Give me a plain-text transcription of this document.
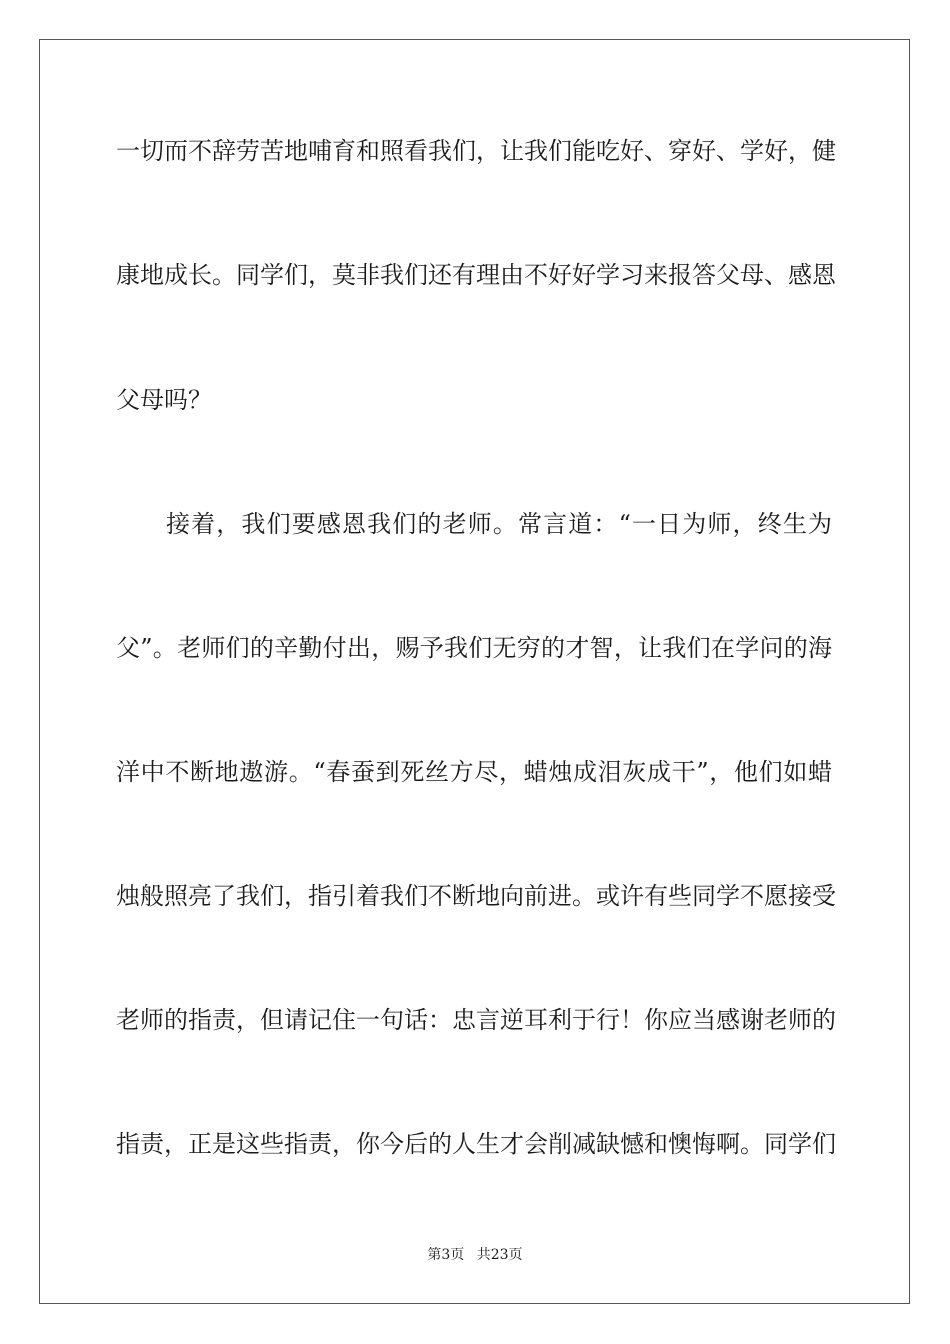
一切而不辞劳苦地哺育和照看我们，让我们能吃好、穿好、学好，健
康地成长。同学们，莫非我们还有理由不好好学习来报答父母、感恩
父母吗？
接着，我们要感恩我们的老师。常言道：“一日为师，终生为
父”。老师们的辛勤付出，赐予我们无穷的才智，让我们在学问的海
洋中不断地遨游。“春蚕到死丝方尽，蜡烛成泪灰成干”，他们如蜡
烛般照亮了我们，指引着我们不断地向前进。或许有些同学不愿接受
老师的指责，但请记住一句话：忠言逆耳利于行！你应当感谢老师的
指责，正是这些指责，你今后的人生才会削减缺憾和懊悔啊。同学们
第3页 共23页
